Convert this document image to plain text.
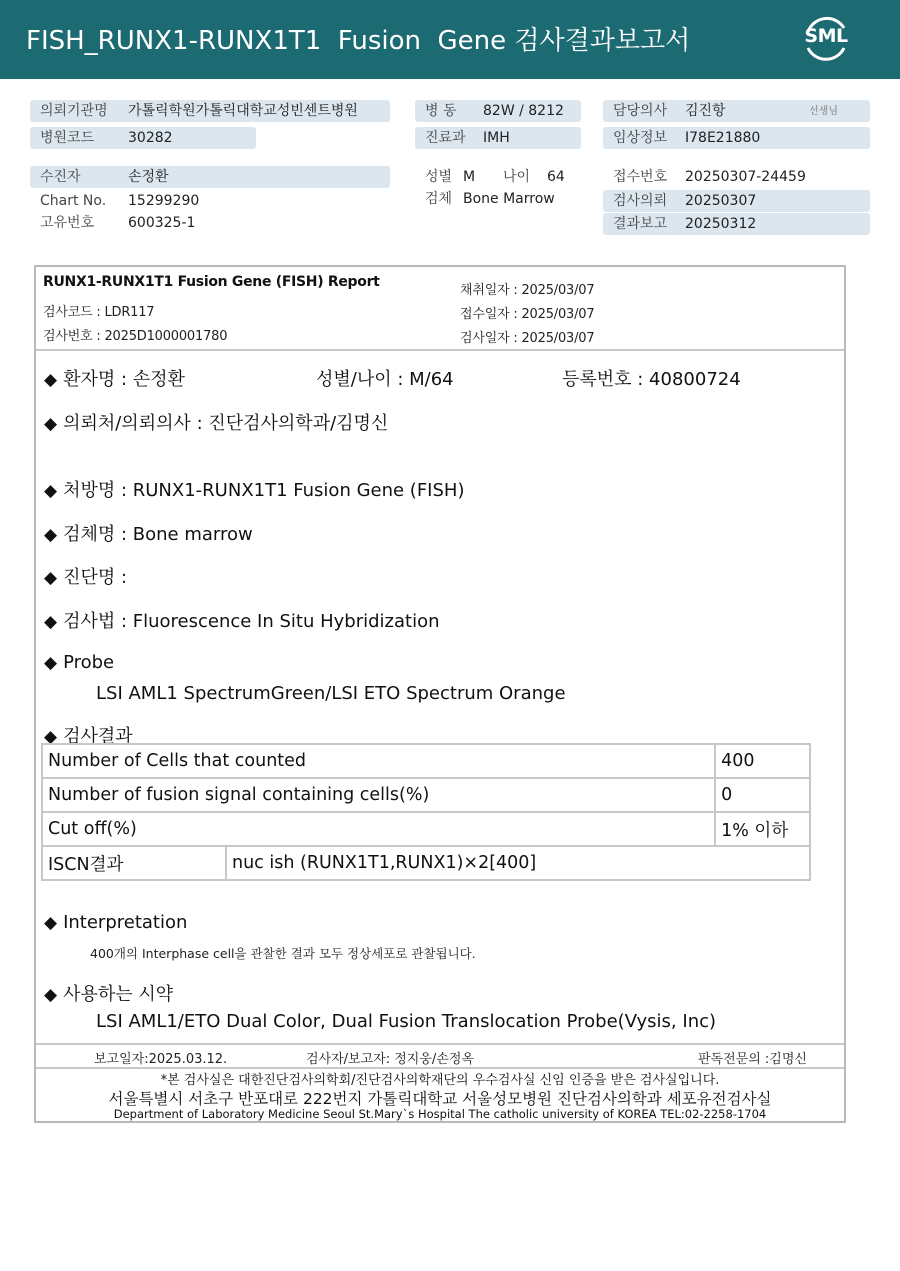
FISH_RUNX1-RUNX1T1  Fusion  Gene 검사결과보고서	SML
의뢰기관명 가톨릭학원가톨릭대학교성빈센트병원
병원코드 30282
병 동 82W / 8212
진료과 IMH
담당의사 김진항	선생님
임상정보 I78E21880
수진자	손정환
Chart No. 15299290
고유번호 600325-1
성별 M 나이 64
검체 Bone Marrow
접수번호 20250307-24459
검사의뢰 20250307
결과보고 20250312
RUNX1-RUNX1T1 Fusion Gene (FISH) Report
검사코드 : LDR117
검사번호 : 2025D1000001780
채취일자 : 2025/03/07
접수일자 : 2025/03/07
검사일자 : 2025/03/07
◆ 환자명 : 손정환	성별/나이 : M/64	등록번호 : 40800724
◆ 의뢰처/의뢰의사 : 진단검사의학과/김명신
◆ 처방명 : RUNX1-RUNX1T1 Fusion Gene (FISH)
◆ 검체명 : Bone marrow
◆ 진단명 :
◆ 검사법 : Fluorescence In Situ Hybridization
◆ Probe
LSI AML1 SpectrumGreen/LSI ETO Spectrum Orange
◆ 검사결과
Number of Cells that counted		400
Number of fusion signal containing cells(%)		0
Cut off(%)		1% 이하
ISCN결과	nuc ish (RUNX1T1,RUNX1)×2[400]	
◆ Interpretation
400개의 Interphase cell을 관찰한 결과 모두 정상세포로 관찰됩니다.
◆ 사용하는 시약
LSI AML1/ETO Dual Color, Dual Fusion Translocation Probe(Vysis, Inc)
보고일자:2025.03.12.	검사자/보고자: 정지웅/손정옥	판독전문의 :김명신
*본 검사실은 대한진단검사의학회/진단검사의학재단의 우수검사실 신임 인증을 받은 검사실입니다.
서울특별시 서초구 반포대로 222번지 가톨릭대학교 서울성모병원 진단검사의학과 세포유전검사실
Department of Laboratory Medicine Seoul St.Mary`s Hospital The catholic university of KOREA TEL:02-2258-1704
